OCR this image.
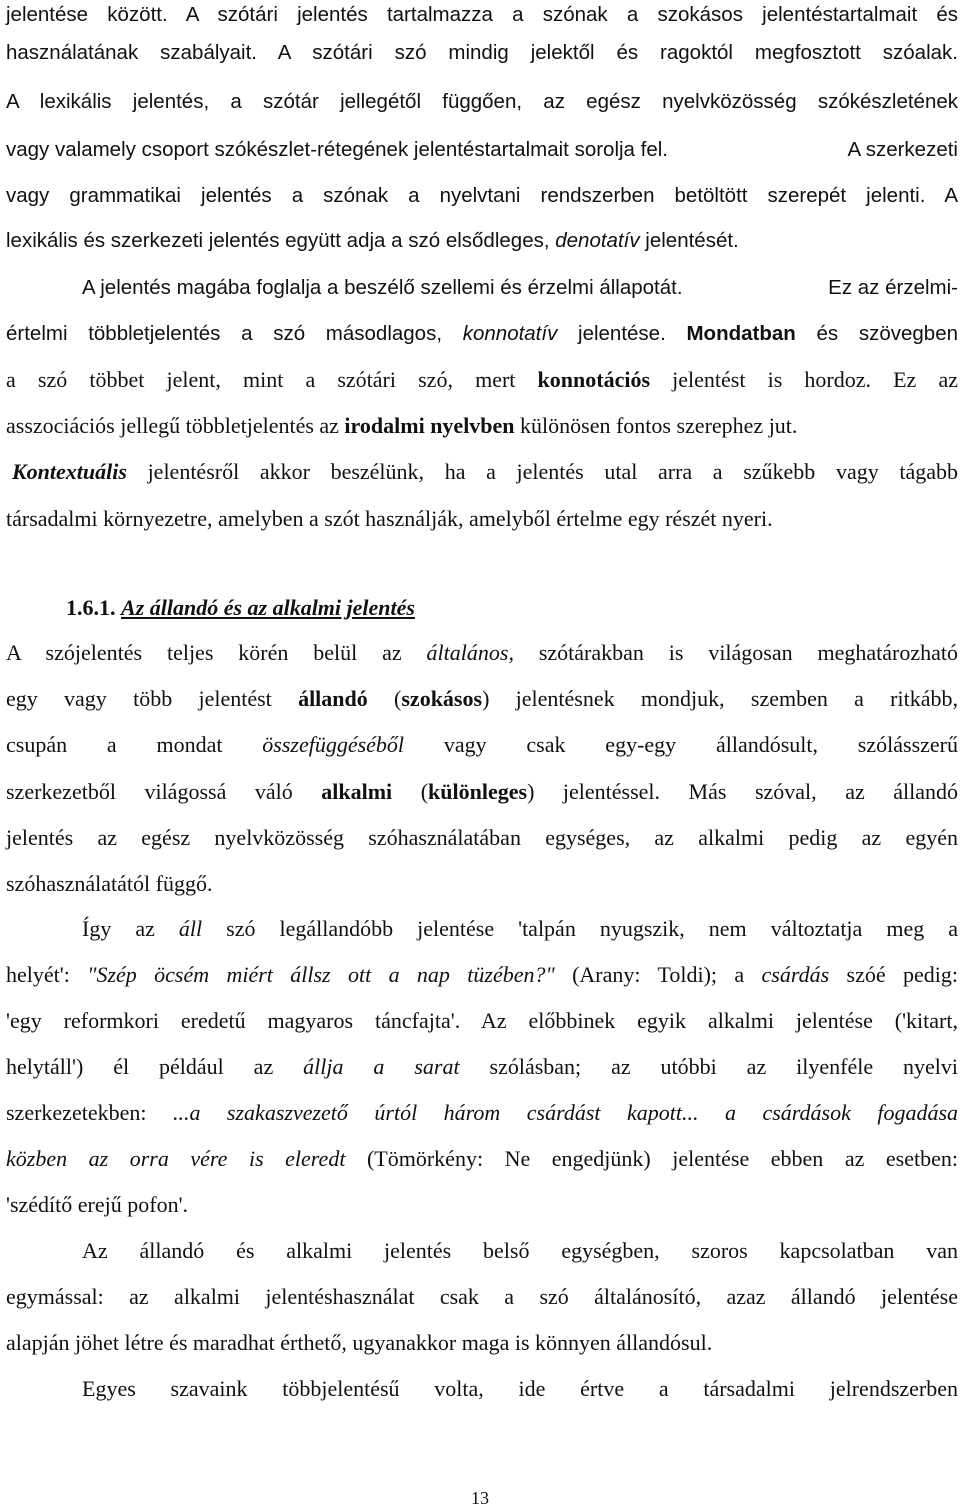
jelentése között. A szótári jelentés tartalmazza a szónak a szokásos jelentéstartalmait és
használatának szabályait. A szótári szó mindig jelektől és ragoktól megfosztott szóalak.
A lexikális jelentés, a szótár jellegétől függően, az egész nyelvközösség szókészletének
vagy valamely csoport szókészlet-rétegének jelentéstartalmait sorolja fel.	A szerkezeti
vagy grammatikai jelentés a szónak a nyelvtani rendszerben betöltött szerepét jelenti. A
lexikális és szerkezeti jelentés együtt adja a szó elsődleges, denotatív jelentését.
A jelentés magába foglalja a beszélő szellemi és érzelmi állapotát.	Ez az érzelmi-
értelmi többletjelentés a szó másodlagos, konnotatív jelentése. Mondatban és szövegben
a szó többet jelent, mint a szótári szó, mert konnotációs jelentést is hordoz. Ez az
asszociációs jellegű többletjelentés az irodalmi nyelvben különösen fontos szerephez jut.
Kontextuális jelentésről akkor beszélünk, ha a jelentés utal arra a szűkebb vagy tágabb
társadalmi környezetre, amelyben a szót használják, amelyből értelme egy részét nyeri.
1.6.1. Az állandó és az alkalmi jelentés
A szójelentés teljes körén belül az általános, szótárakban is világosan meghatározható
egy vagy több jelentést állandó (szokásos) jelentésnek mondjuk, szemben a ritkább,
csupán a mondat összefüggéséből vagy csak egy-egy állandósult, szólásszerű
szerkezetből világossá váló alkalmi (különleges) jelentéssel. Más szóval, az állandó
jelentés az egész nyelvközösség szóhasználatában egységes, az alkalmi pedig az egyén
szóhasználatától függő.
Így az áll szó legállandóbb jelentése 'talpán nyugszik, nem változtatja meg a
helyét': "Szép öcsém miért állsz ott a nap tüzében?" (Arany: Toldi); a csárdás szóé pedig:
'egy reformkori eredetű magyaros táncfajta'. Az előbbinek egyik alkalmi jelentése ('kitart,
helytáll') él például az állja a sarat szólásban; az utóbbi az ilyenféle nyelvi
szerkezetekben: ...a szakaszvezető úrtól három csárdást kapott... a csárdások fogadása
közben az orra vére is eleredt (Tömörkény: Ne engedjünk) jelentése ebben az esetben:
'szédítő erejű pofon'.
Az állandó és alkalmi jelentés belső egységben, szoros kapcsolatban van
egymással: az alkalmi jelentéshasználat csak a szó általánosító, azaz állandó jelentése
alapján jöhet létre és maradhat érthető, ugyanakkor maga is könnyen állandósul.
Egyes szavaink többjelentésű volta, ide értve a társadalmi jelrendszerben
13
